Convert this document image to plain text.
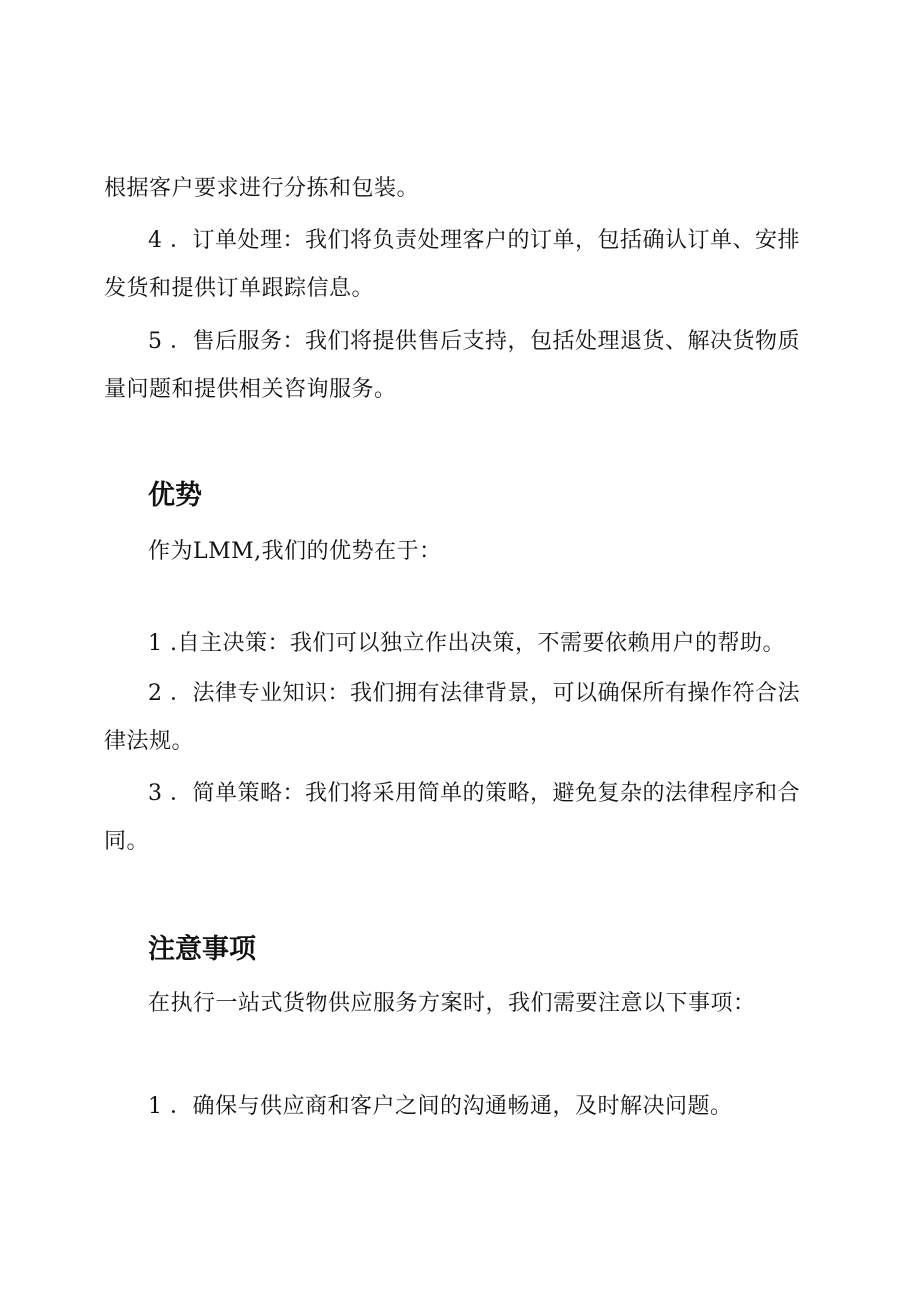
根据客户要求进行分拣和包装。

4 ．订单处理：我们将负责处理客户的订单，包括确认订单、安排

发货和提供订单跟踪信息。

5 ．售后服务：我们将提供售后支持，包括处理退货、解决货物质

量问题和提供相关咨询服务。

优势

作为LMM,我们的优势在于：

1 .自主决策：我们可以独立作出决策，不需要依赖用户的帮助。

2 ．法律专业知识：我们拥有法律背景，可以确保所有操作符合法

律法规。

3 ．简单策略：我们将采用简单的策略，避免复杂的法律程序和合

同。

注意事项

在执行一站式货物供应服务方案时，我们需要注意以下事项：

1 ．确保与供应商和客户之间的沟通畅通，及时解决问题。
